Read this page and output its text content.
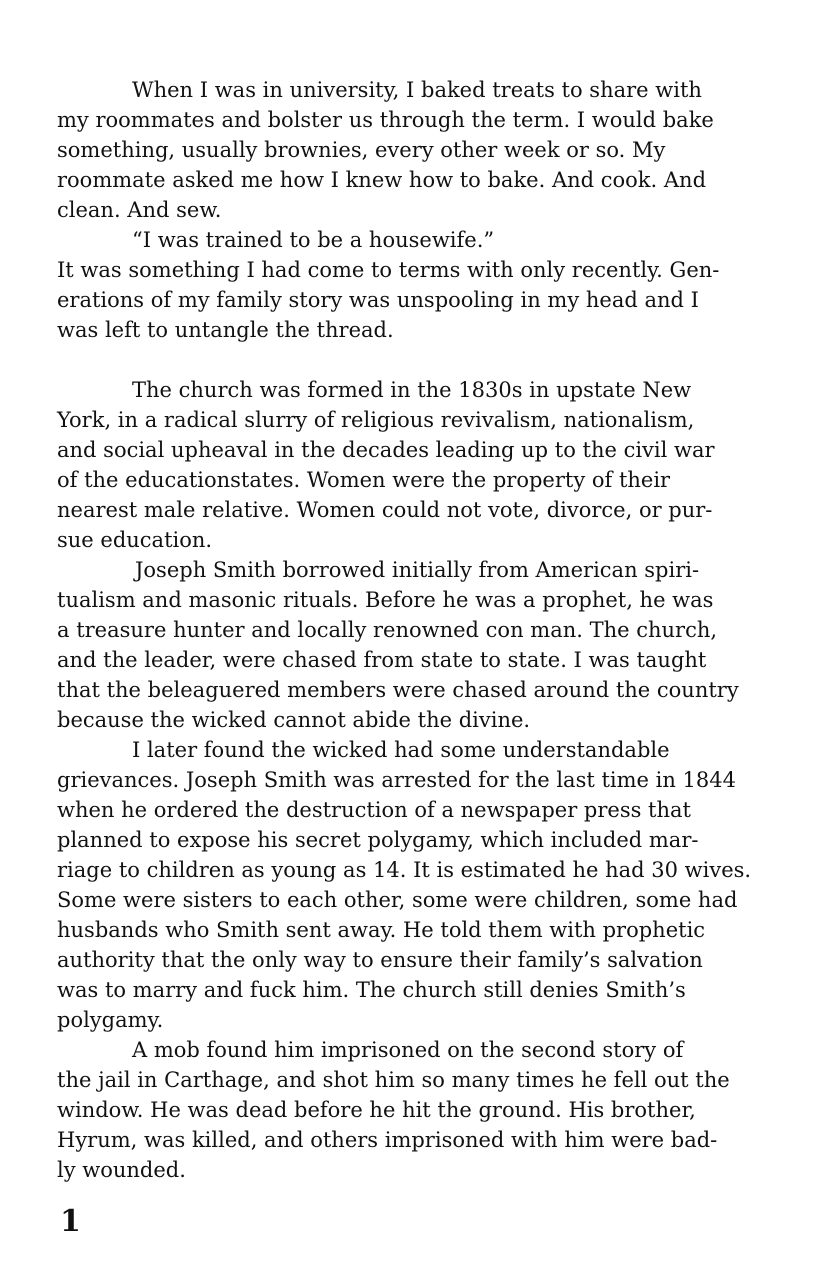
When I was in university, I baked treats to share with
my roommates and bolster us through the term. I would bake
something, usually brownies, every other week or so. My
roommate asked me how I knew how to bake. And cook. And
clean. And sew.
“I was trained to be a housewife.”
It was something I had come to terms with only recently. Gen-
erations of my family story was unspooling in my head and I
was left to untangle the thread.
The church was formed in the 1830s in upstate New
York, in a radical slurry of religious revivalism, nationalism,
and social upheaval in the decades leading up to the civil war
of the educationstates. Women were the property of their
nearest male relative. Women could not vote, divorce, or pur-
sue education.
Joseph Smith borrowed initially from American spiri-
tualism and masonic rituals. Before he was a prophet, he was
a treasure hunter and locally renowned con man. The church,
and the leader, were chased from state to state. I was taught
that the beleaguered members were chased around the country
because the wicked cannot abide the divine.
I later found the wicked had some understandable
grievances. Joseph Smith was arrested for the last time in 1844
when he ordered the destruction of a newspaper press that
planned to expose his secret polygamy, which included mar-
riage to children as young as 14. It is estimated he had 30 wives.
Some were sisters to each other, some were children, some had
husbands who Smith sent away. He told them with prophetic
authority that the only way to ensure their family’s salvation
was to marry and fuck him. The church still denies Smith’s
polygamy.
A mob found him imprisoned on the second story of
the jail in Carthage, and shot him so many times he fell out the
window. He was dead before he hit the ground. His brother,
Hyrum, was killed, and others imprisoned with him were bad-
ly wounded.
1
